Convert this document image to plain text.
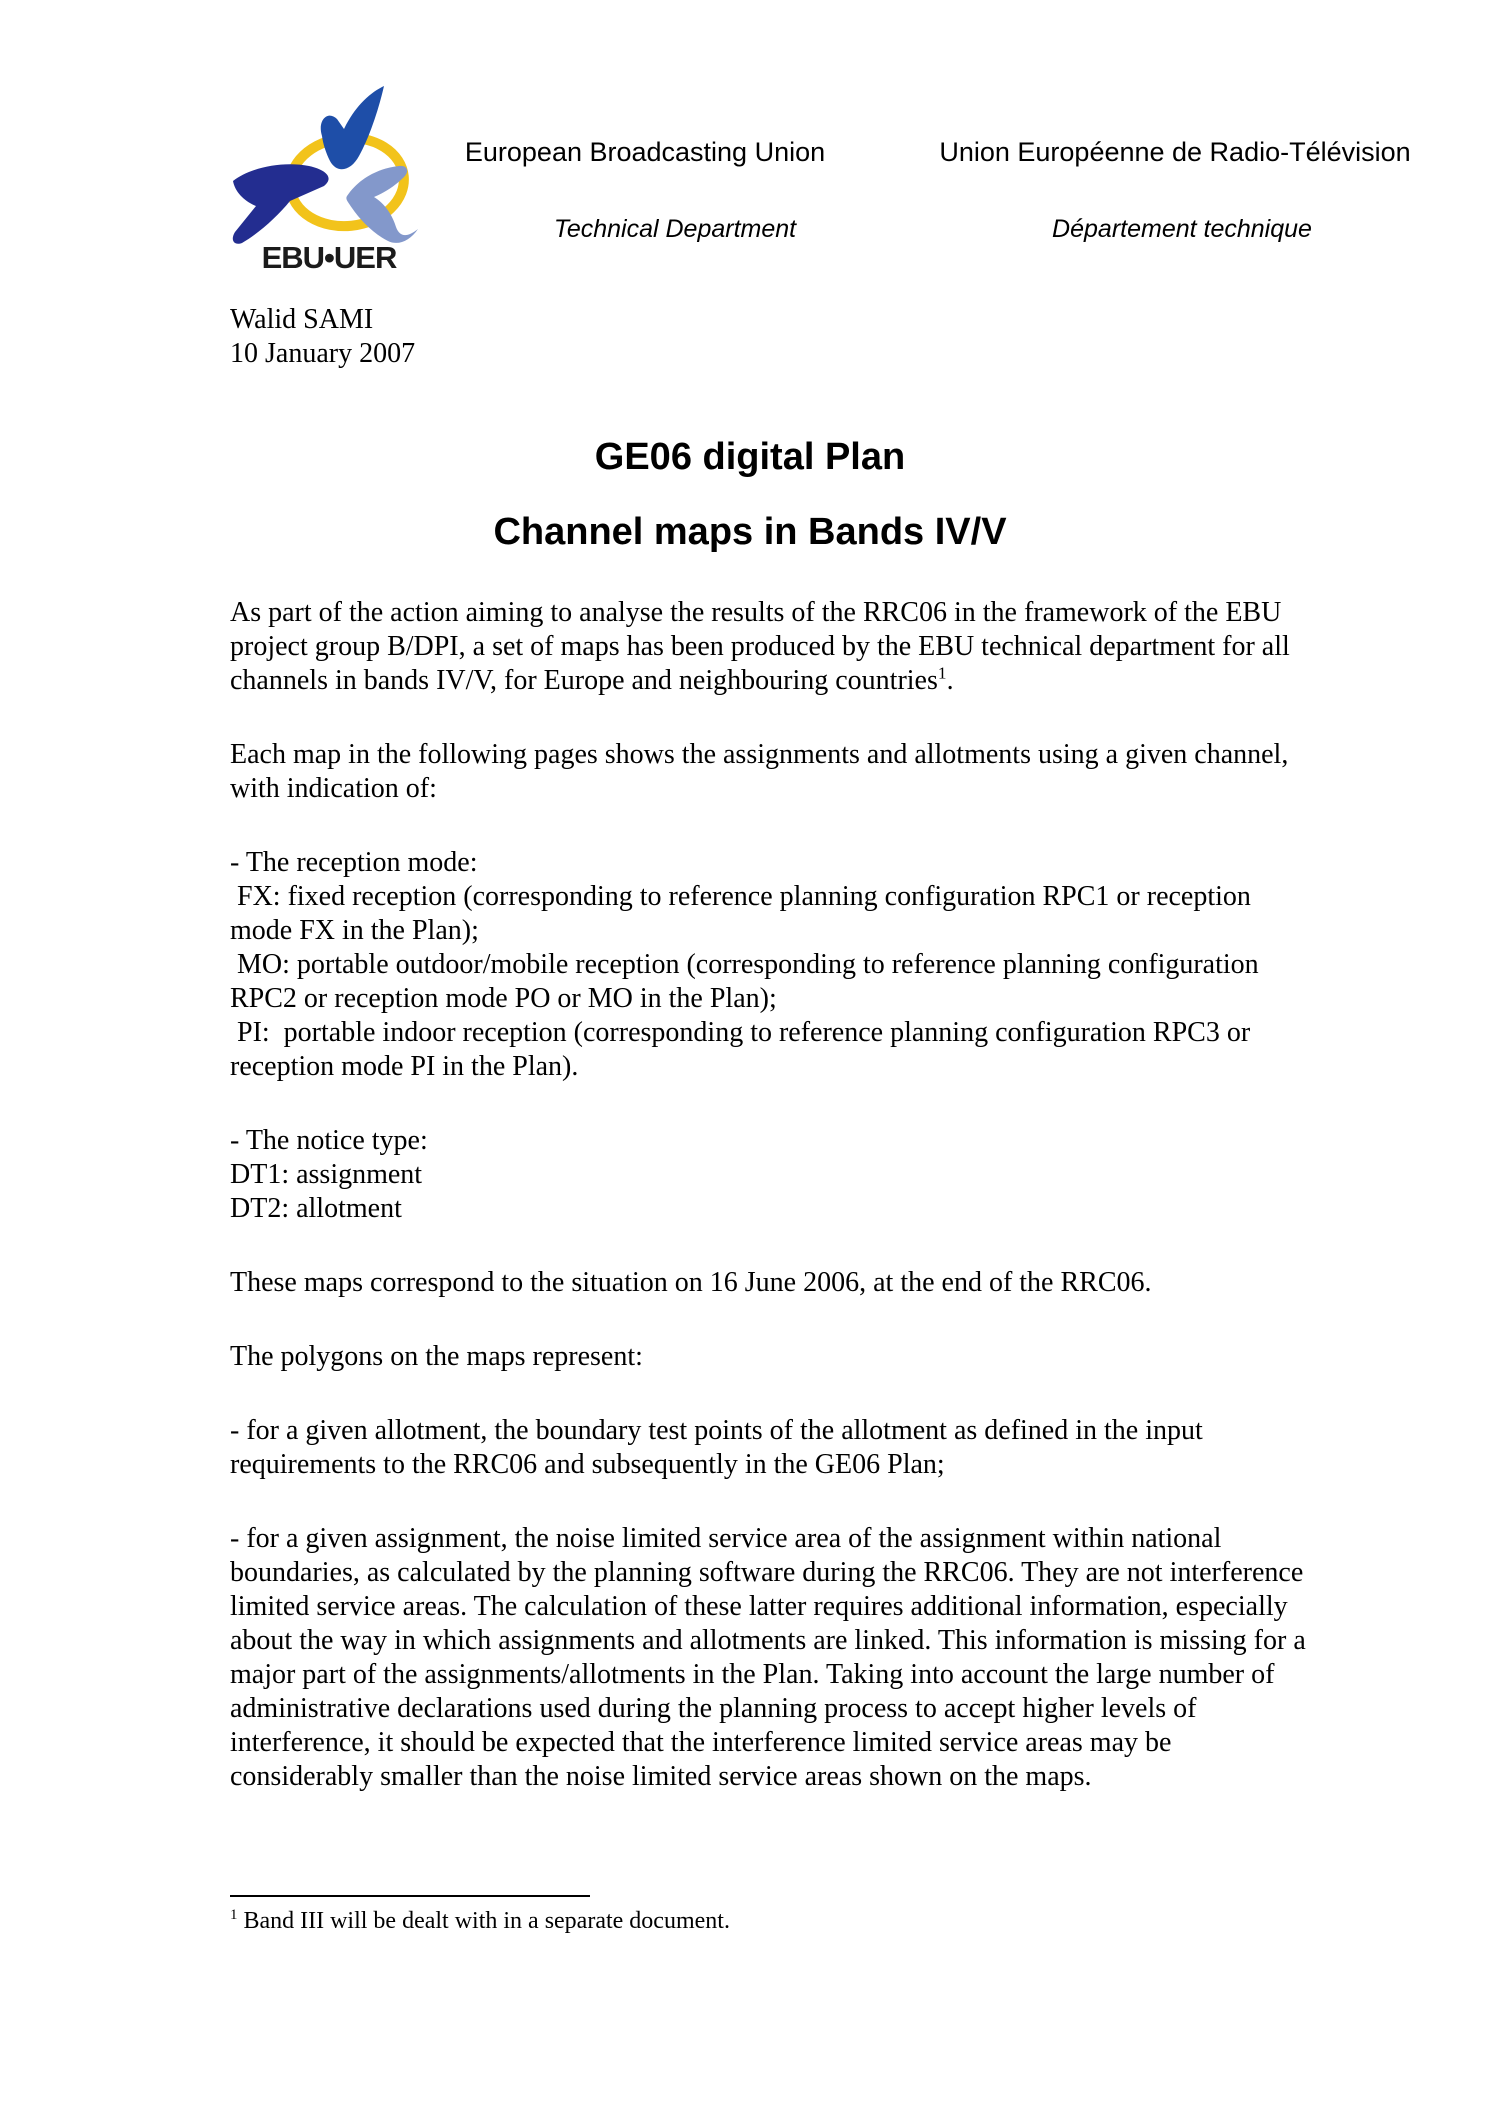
EBU•UER
European Broadcasting Union	Union Européenne de Radio-Télévision
Technical Department	Département technique
Walid SAMI
10 January 2007
GE06 digital Plan
Channel maps in Bands IV/V

As part of the action aiming to analyse the results of the RRC06 in the framework of the EBU project group B/DPI, a set of maps has been produced by the EBU technical department for all channels in bands IV/V, for Europe and neighbouring countries$^1$.

Each map in the following pages shows the assignments and allotments using a given channel, with indication of:

- The reception mode:
FX: fixed reception (corresponding to reference planning configuration RPC1 or reception mode FX in the Plan);
MO: portable outdoor/mobile reception (corresponding to reference planning configuration RPC2 or reception mode PO or MO in the Plan);
PI:  portable indoor reception (corresponding to reference planning configuration RPC3 or reception mode PI in the Plan).
- The notice type:
DT1: assignment
DT2: allotment

These maps correspond to the situation on 16 June 2006, at the end of the RRC06.

The polygons on the maps represent:

- for a given allotment, the boundary test points of the allotment as defined in the input requirements to the RRC06 and subsequently in the GE06 Plan;

- for a given assignment, the noise limited service area of the assignment within national boundaries, as calculated by the planning software during the RRC06. They are not interference limited service areas. The calculation of these latter requires additional information, especially about the way in which assignments and allotments are linked. This information is missing for a major part of the assignments/allotments in the Plan. Taking into account the large number of administrative declarations used during the planning process to accept higher levels of interference, it should be expected that the interference limited service areas may be considerably smaller than the noise limited service areas shown on the maps.

$^1$ Band III will be dealt with in a separate document.
